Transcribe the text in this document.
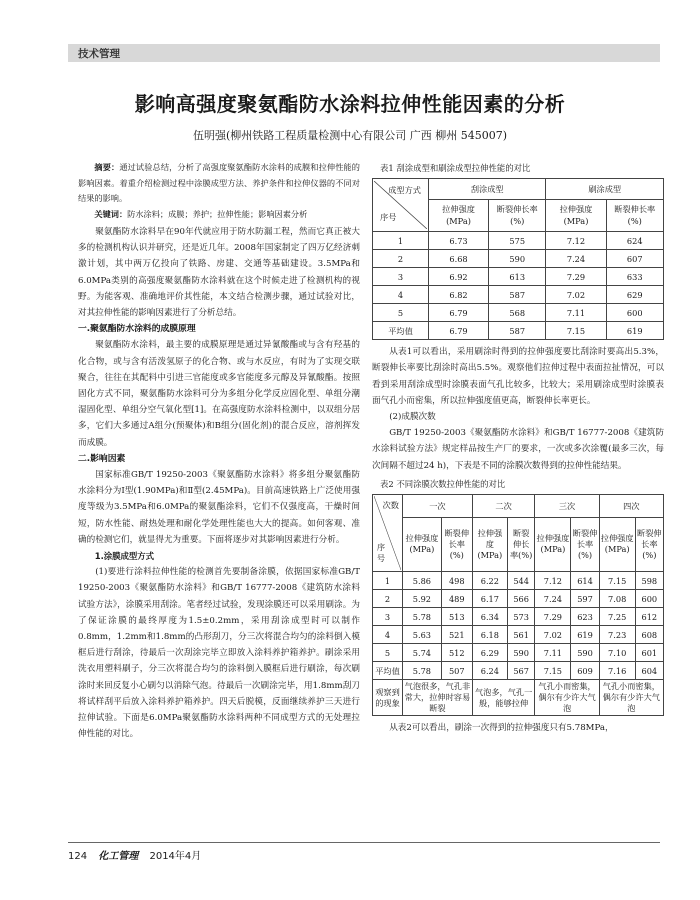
技术管理
影响高强度聚氨酯防水涂料拉伸性能因素的分析
伍明强(柳州铁路工程质量检测中心有限公司 广西 柳州 545007)
摘要：通过试验总结，分析了高强度聚氨酯防水涂料的成膜和拉伸性能的影响因素。着重介绍检测过程中涂膜成型方法、养护条件和拉伸仪器的不同对结果的影响。
关键词：防水涂料；成膜；养护；拉伸性能；影响因素分析
聚氨酯防水涂料早在90年代就应用于防水防漏工程，然而它真正被大多的检测机构认识并研究，还是近几年。2008年国家制定了四万亿经济刺激计划，其中两万亿投向了铁路、房建、交通等基础建设。3.5MPa和6.0MPa类别的高强度聚氨酯防水涂料就在这个时候走进了检测机构的视野。为能客观、准确地评价其性能，本文结合检测步骤，通过试验对比，对其拉伸性能的影响因素进行了分析总结。
一.聚氨酯防水涂料的成膜原理
聚氨酯防水涂料，最主要的成膜原理是通过异氰酸酯或与含有羟基的化合物，或与含有活泼氢原子的化合物、或与水反应，有时为了实现交联聚合，往往在其配料中引进三官能度或多官能度多元醇及异氰酸酯。按照固化方式不同，聚氨酯防水涂料可分为多组分化学反应固化型、单组分潮湿固化型、单组分空气氧化型[1]。在高强度防水涂料检测中，以双组分居多，它们大多通过A组分(预聚体)和B组分(固化剂)的混合反应，溶剂挥发而成膜。
二.影响因素
国家标准GB/T 19250-2003《聚氨酯防水涂料》将多组分聚氨酯防水涂料分为Ⅰ型(1.90MPa)和Ⅱ型(2.45MPa)。目前高速铁路上广泛使用强度等级为3.5MPa和6.0MPa的聚氨酯涂料，它们不仅强度高，干燥时间短，防水性能、耐热处理和耐化学处理性能也大大的提高。如何客观、准确的检测它们，就显得尤为重要。下面将逐步对其影响因素进行分析。
1.涂膜成型方式
(1)要进行涂料拉伸性能的检测首先要制备涂膜，依据国家标准GB/T 19250-2003《聚氨酯防水涂料》和GB/T 16777-2008《建筑防水涂料试验方法》，涂膜采用刮涂。笔者经过试验，发现涂膜还可以采用刷涂。为了保证涂膜的最终厚度为1.5±0.2mm，采用刮涂成型时可以制作0.8mm，1.2mm和1.8mm的凸形刮刀，分三次将混合均匀的涂料倒入模框后进行刮涂，待最后一次刮涂完毕立即放入涂料养护箱养护。刷涂采用洗衣用塑料刷子，分三次将混合均匀的涂料倒入膜框后进行刷涂，每次刷涂时来回反复小心刷匀以消除气泡。待最后一次刷涂完毕，用1.8mm刮刀将试样刮平后放入涂料养护箱养护。四天后脱模，反面继续养护三天进行拉伸试验。下面是6.0MPa聚氨酯防水涂料两种不同成型方式的无处理拉伸性能的对比。
表1 刮涂成型和刷涂成型拉伸性能的对比
成型方式
序号	刮涂成型		刷涂成型	
	拉伸强度(MPa)	断裂伸长率(%)	拉伸强度(MPa)	断裂伸长率(%)
1	6.73	575	7.12	624
2	6.68	590	7.24	607
3	6.92	613	7.29	633
4	6.82	587	7.02	629
5	6.79	568	7.11	600
平均值	6.79	587	7.15	619
从表1可以看出，采用刷涂时得到的拉伸强度要比刮涂时要高出5.3%，断裂伸长率要比刮涂时高出5.5%。观察他们拉伸过程中表面拉扯情况，可以看到采用刮涂成型时涂膜表面气孔比较多，比较大；采用刷涂成型时涂膜表面气孔小而密集，所以拉伸强度值更高，断裂伸长率更长。
(2)成膜次数
GB/T 19250-2003《聚氨酯防水涂料》和GB/T 16777-2008《建筑防水涂料试验方法》规定样品按生产厂的要求，一次或多次涂覆(最多三次，每次间隔不超过24 h)，下表是不同的涂膜次数得到的拉伸性能结果。
表2 不同涂膜次数拉伸性能的对比
次数
序号	一次		二次		三次		四次	
	拉伸强度(MPa)	断裂伸长率(%)	拉伸强度(MPa)	断裂伸长率(%)	拉伸强度(MPa)	断裂伸长率(%)	拉伸强度(MPa)	断裂伸长率(%)
1	5.86	498	6.22	544	7.12	614	7.15	598
2	5.92	489	6.17	566	7.24	597	7.08	600
3	5.78	513	6.34	573	7.29	623	7.25	612
4	5.63	521	6.18	561	7.02	619	7.23	608
5	5.74	512	6.29	590	7.11	590	7.10	601
平均值	5.78	507	6.24	567	7.15	609	7.16	604
观察到的现象	气泡很多，气孔非常大，拉伸时容易断裂		气泡多，气孔一般，能够拉伸		气孔小而密集，偶尔有少许大气泡		气孔小而密集，偶尔有少许大气泡	
从表2可以看出，刷涂一次得到的拉伸强度只有5.78MPa，
124 化工管理 2014年4月
